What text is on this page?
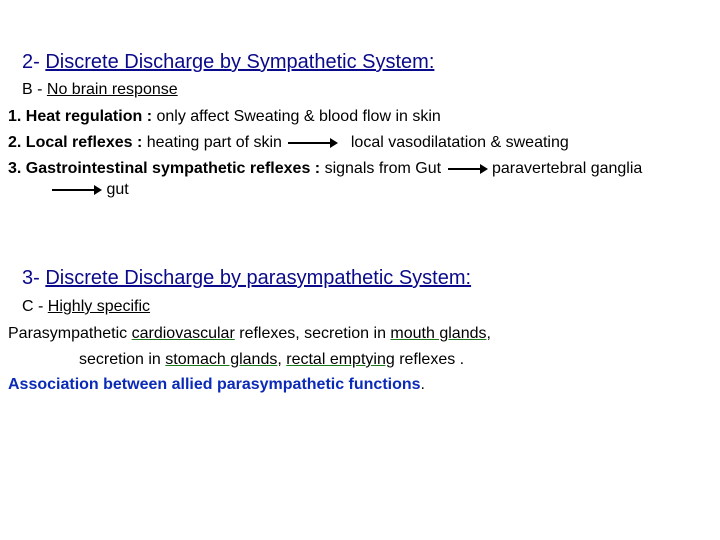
2- Discrete Discharge by Sympathetic System:
B - No brain response
1. Heat regulation : only affect Sweating & blood flow in skin
2. Local reflexes : heating part of skin	local vasodilatation & sweating
3. Gastrointestinal sympathetic reflexes : signals from Gut	paravertebral ganglia
gut
3- Discrete Discharge by parasympathetic System:
C - Highly specific
Parasympathetic cardiovascular reflexes, secretion in mouth glands,
secretion in stomach glands, rectal emptying reflexes .
Association between allied parasympathetic functions.
